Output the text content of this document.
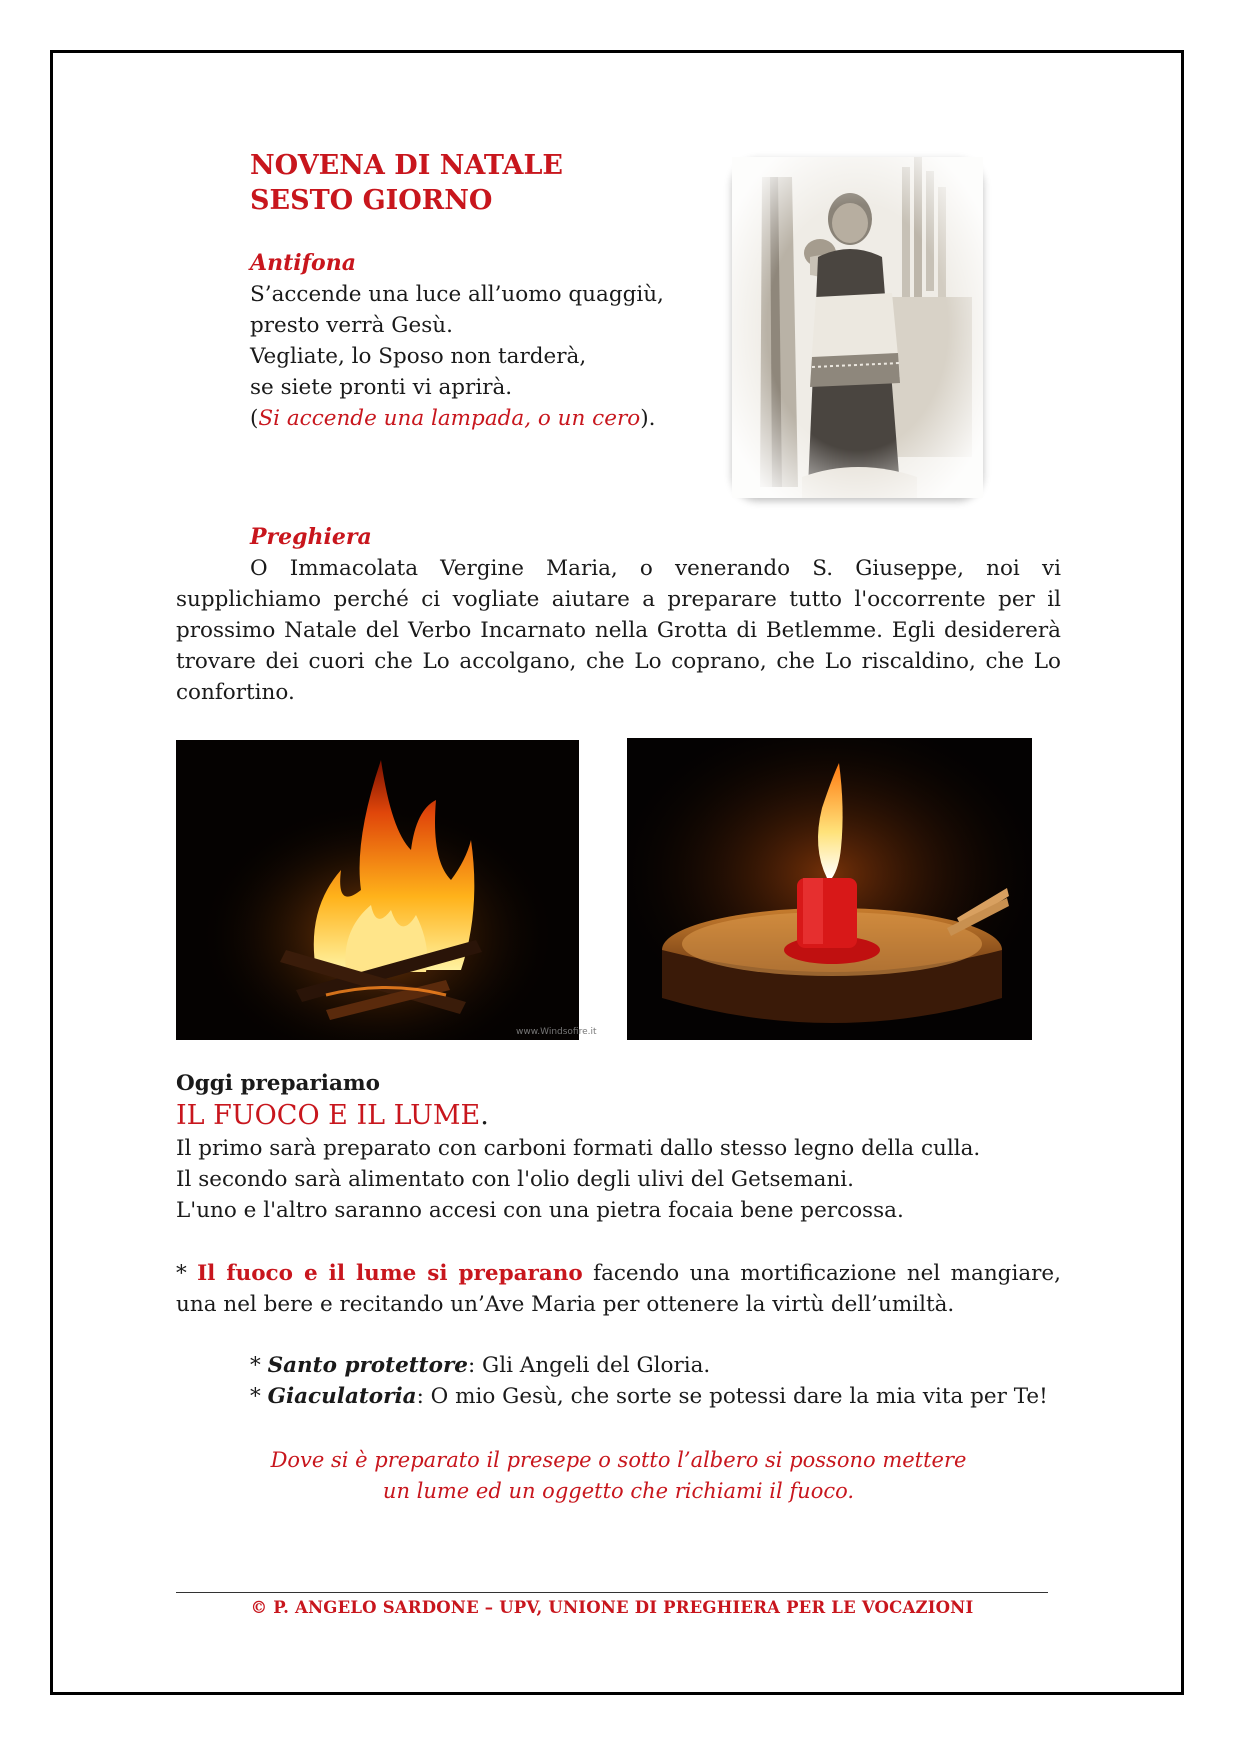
NOVENA DI NATALE
SESTO GIORNO
Antifona
S’accende una luce all’uomo quaggiù,
presto verrà Gesù.
Vegliate, lo Sposo non tarderà,
se siete pronti vi aprirà.
(Si accende una lampada, o un cero).
Preghiera
O Immacolata Vergine Maria, o venerando S. Giuseppe, noi vi supplichiamo perché ci vogliate aiutare a preparare tutto l'occorrente per il prossimo Natale del Verbo Incarnato nella Grotta di Betlemme. Egli desidererà trovare dei cuori che Lo accolgano, che Lo coprano, che Lo riscaldino, che Lo confortino.
www.Windsofire.it
Oggi prepariamo
IL FUOCO E IL LUME.
Il primo sarà preparato con carboni formati dallo stesso legno della culla.
Il secondo sarà alimentato con l'olio degli ulivi del Getsemani.
L'uno e l'altro saranno accesi con una pietra focaia bene percossa.
* Il fuoco e il lume si preparano facendo una mortificazione nel mangiare, una nel bere e recitando un’Ave Maria per ottenere la virtù dell’umiltà.
* Santo protettore: Gli Angeli del Gloria.
* Giaculatoria: O mio Gesù, che sorte se potessi dare la mia vita per Te!
Dove si è preparato il presepe o sotto l’albero si possono mettere
un lume ed un oggetto che richiami il fuoco.
© P. ANGELO SARDONE – UPV, UNIONE DI PREGHIERA PER LE VOCAZIONI
